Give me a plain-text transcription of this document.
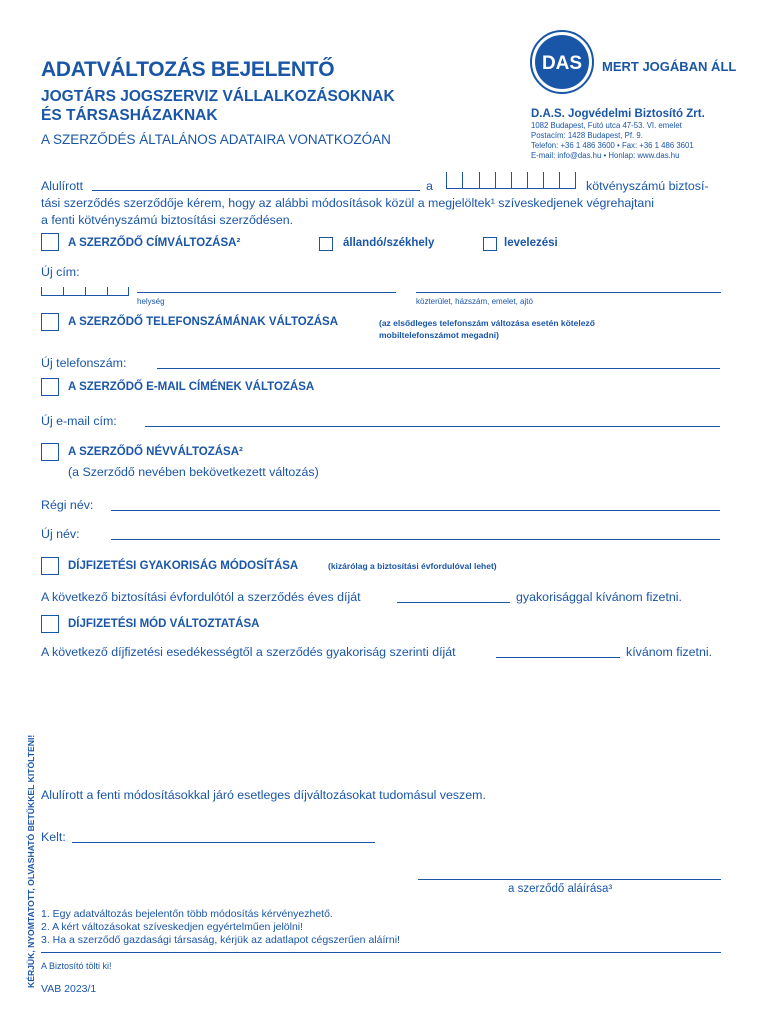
ADATVÁLTOZÁS BEJELENTŐ
JOGTÁRS JOGSZERVIZ VÁLLALKOZÁSOKNAK
ÉS TÁRSASHÁZAKNAK
A SZERZŐDÉS ÁLTALÁNOS ADATAIRA VONATKOZÓAN
DAS MERT JOGÁBAN ÁLL
D.A.S. Jogvédelmi Biztosító Zrt.
1082 Budapest, Futó utca 47-53. VI. emelet
Postacím: 1428 Budapest, Pf. 9.
Telefon: +36 1 486 3600 • Fax: +36 1 486 3601
E-mail: info@das.hu • Honlap: www.das.hu
Alulírott	a	kötvényszámú biztosí-
tási szerződés szerződője kérem, hogy az alábbi módosítások közül a megjelöltek¹ szíveskedjenek végrehajtani
a fenti kötvényszámú biztosítási szerződésen.
A SZERZŐDŐ CÍMVÁLTOZÁSA²	állandó/székhely	levelezési
Új cím:
helység	közterület, házszám, emelet, ajtó
A SZERZŐDŐ TELEFONSZÁMÁNAK VÁLTOZÁSA	(az elsődleges telefonszám változása esetén kötelező
mobiltelefonszámot megadni)
Új telefonszám:
A SZERZŐDŐ E-MAIL CÍMÉNEK VÁLTOZÁSA
Új e-mail cím:
A SZERZŐDŐ NÉVVÁLTOZÁSA²
(a Szerződő nevében bekövetkezett változás)
Régi név:
Új név:
DÍJFIZETÉSI GYAKORISÁG MÓDOSÍTÁSA	(kizárólag a biztosítási évfordulóval lehet)
A következő biztosítási évfordulótól a szerződés éves díját	gyakorisággal kívánom fizetni.
DÍJFIZETÉSI MÓD VÁLTOZTATÁSA
A következő díjfizetési esedékességtől a szerződés gyakoriság szerinti díját	kívánom fizetni.
KÉRJÜK, NYOMTATOTT, OLVASHATÓ BETŰKKEL KITÖLTENI! Alulírott a fenti módosításokkal járó esetleges díjváltozásokat tudomásul veszem.
Kelt:
a szerződő aláírása³
1. Egy adatváltozás bejelentőn több módosítás kérvényezhető.
2. A kért változásokat szíveskedjen egyértelműen jelölni!
3. Ha a szerződő gazdasági társaság, kérjük az adatlapot cégszerűen aláírni!
A Biztosító tölti ki!
VAB 2023/1
